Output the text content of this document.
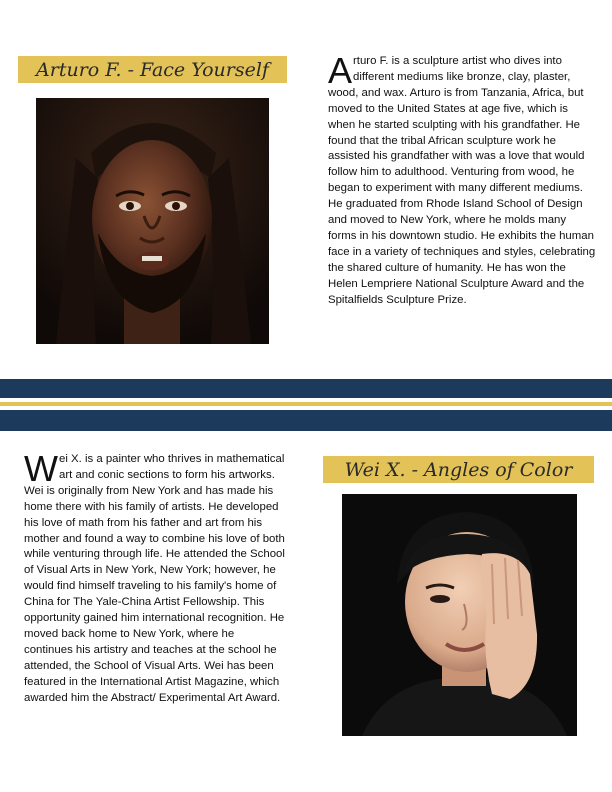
Arturo F. - Face Yourself Arturo F. is a sculpture artist who dives into different mediums like bronze, clay, plaster, wood, and wax. Arturo is from Tanzania, Africa, but moved to the United States at age five, which is when he started sculpting with his grandfather. He found that the tribal African sculpture work he assisted his grandfather with was a love that would follow him to adulthood. Venturing from wood, he began to experiment with many different mediums. He graduated from Rhode Island School of Design and moved to New York, where he molds many forms in his downtown studio. He exhibits the human face in a variety of techniques and styles, celebrating the shared culture of humanity. He has won the Helen Lempriere National Sculpture Award and the Spitalfields Sculpture Prize.

Wei X. is a painter who thrives in mathematical art and conic sections to form his artworks. Wei is originally from New York and has made his home there with his family of artists. He developed his love of math from his father and art from his mother and found a way to combine his love of both while venturing through life. He attended the School of Visual Arts in New York, New York; however, he would find himself traveling to his family's home of China for The Yale-China Artist Fellowship. This opportunity gained him international recognition. He moved back home to New York, where he continues his artistry and teaches at the school he attended, the School of Visual Arts. Wei has been featured in the International Artist Magazine, which awarded him the Abstract/ Experimental Art Award.

Wei X. - Angles of Color
